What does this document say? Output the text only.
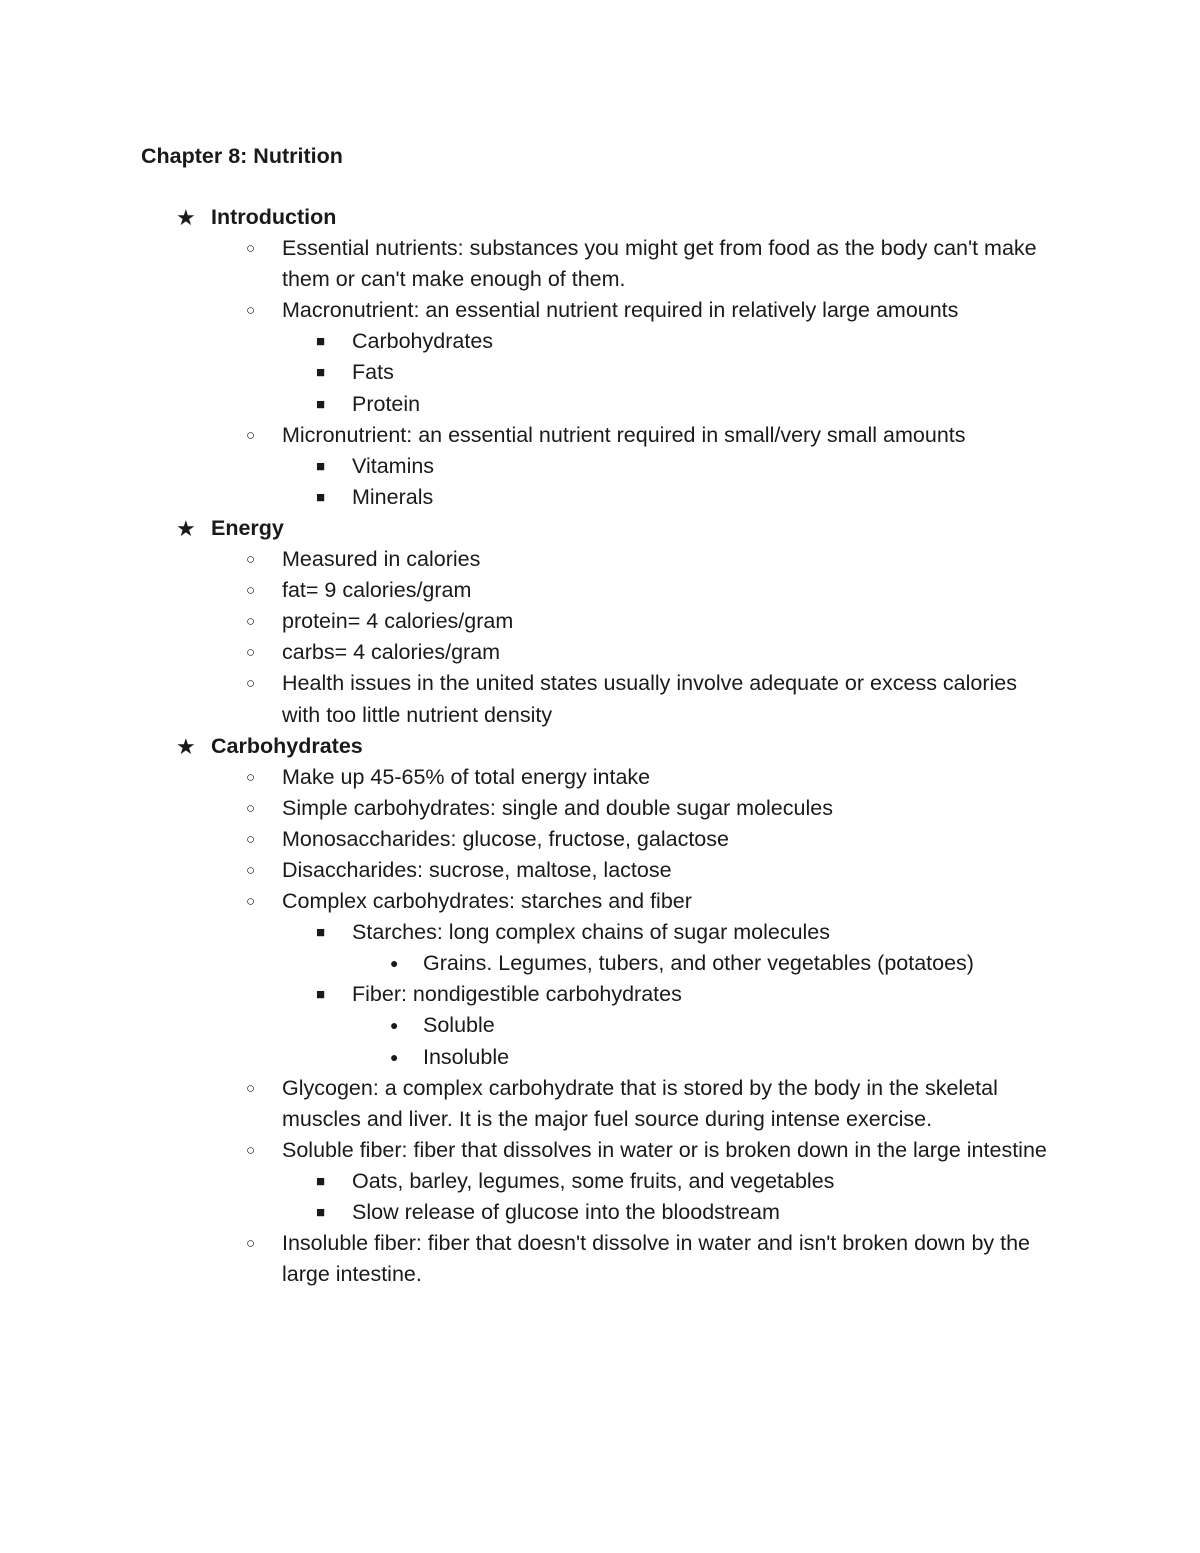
Chapter 8: Nutrition
★ Introduction
○ Essential nutrients: substances you might get from food as the body can't make them or can't make enough of them.
○ Macronutrient: an essential nutrient required in relatively large amounts
■ Carbohydrates
■ Fats
■ Protein
○ Micronutrient: an essential nutrient required in small/very small amounts
■ Vitamins
■ Minerals
★ Energy
○ Measured in calories
○ fat= 9 calories/gram
○ protein= 4 calories/gram
○ carbs= 4 calories/gram
○ Health issues in the united states usually involve adequate or excess calories with too little nutrient density
★ Carbohydrates
○ Make up 45-65% of total energy intake
○ Simple carbohydrates: single and double sugar molecules
○ Monosaccharides: glucose, fructose, galactose
○ Disaccharides: sucrose, maltose, lactose
○ Complex carbohydrates: starches and fiber
■ Starches: long complex chains of sugar molecules
● Grains. Legumes, tubers, and other vegetables (potatoes)
■ Fiber: nondigestible carbohydrates
● Soluble
● Insoluble
○ Glycogen: a complex carbohydrate that is stored by the body in the skeletal muscles and liver. It is the major fuel source during intense exercise.
○ Soluble fiber: fiber that dissolves in water or is broken down in the large intestine
■ Oats, barley, legumes, some fruits, and vegetables
■ Slow release of glucose into the bloodstream
○ Insoluble fiber: fiber that doesn't dissolve in water and isn't broken down by the large intestine.
